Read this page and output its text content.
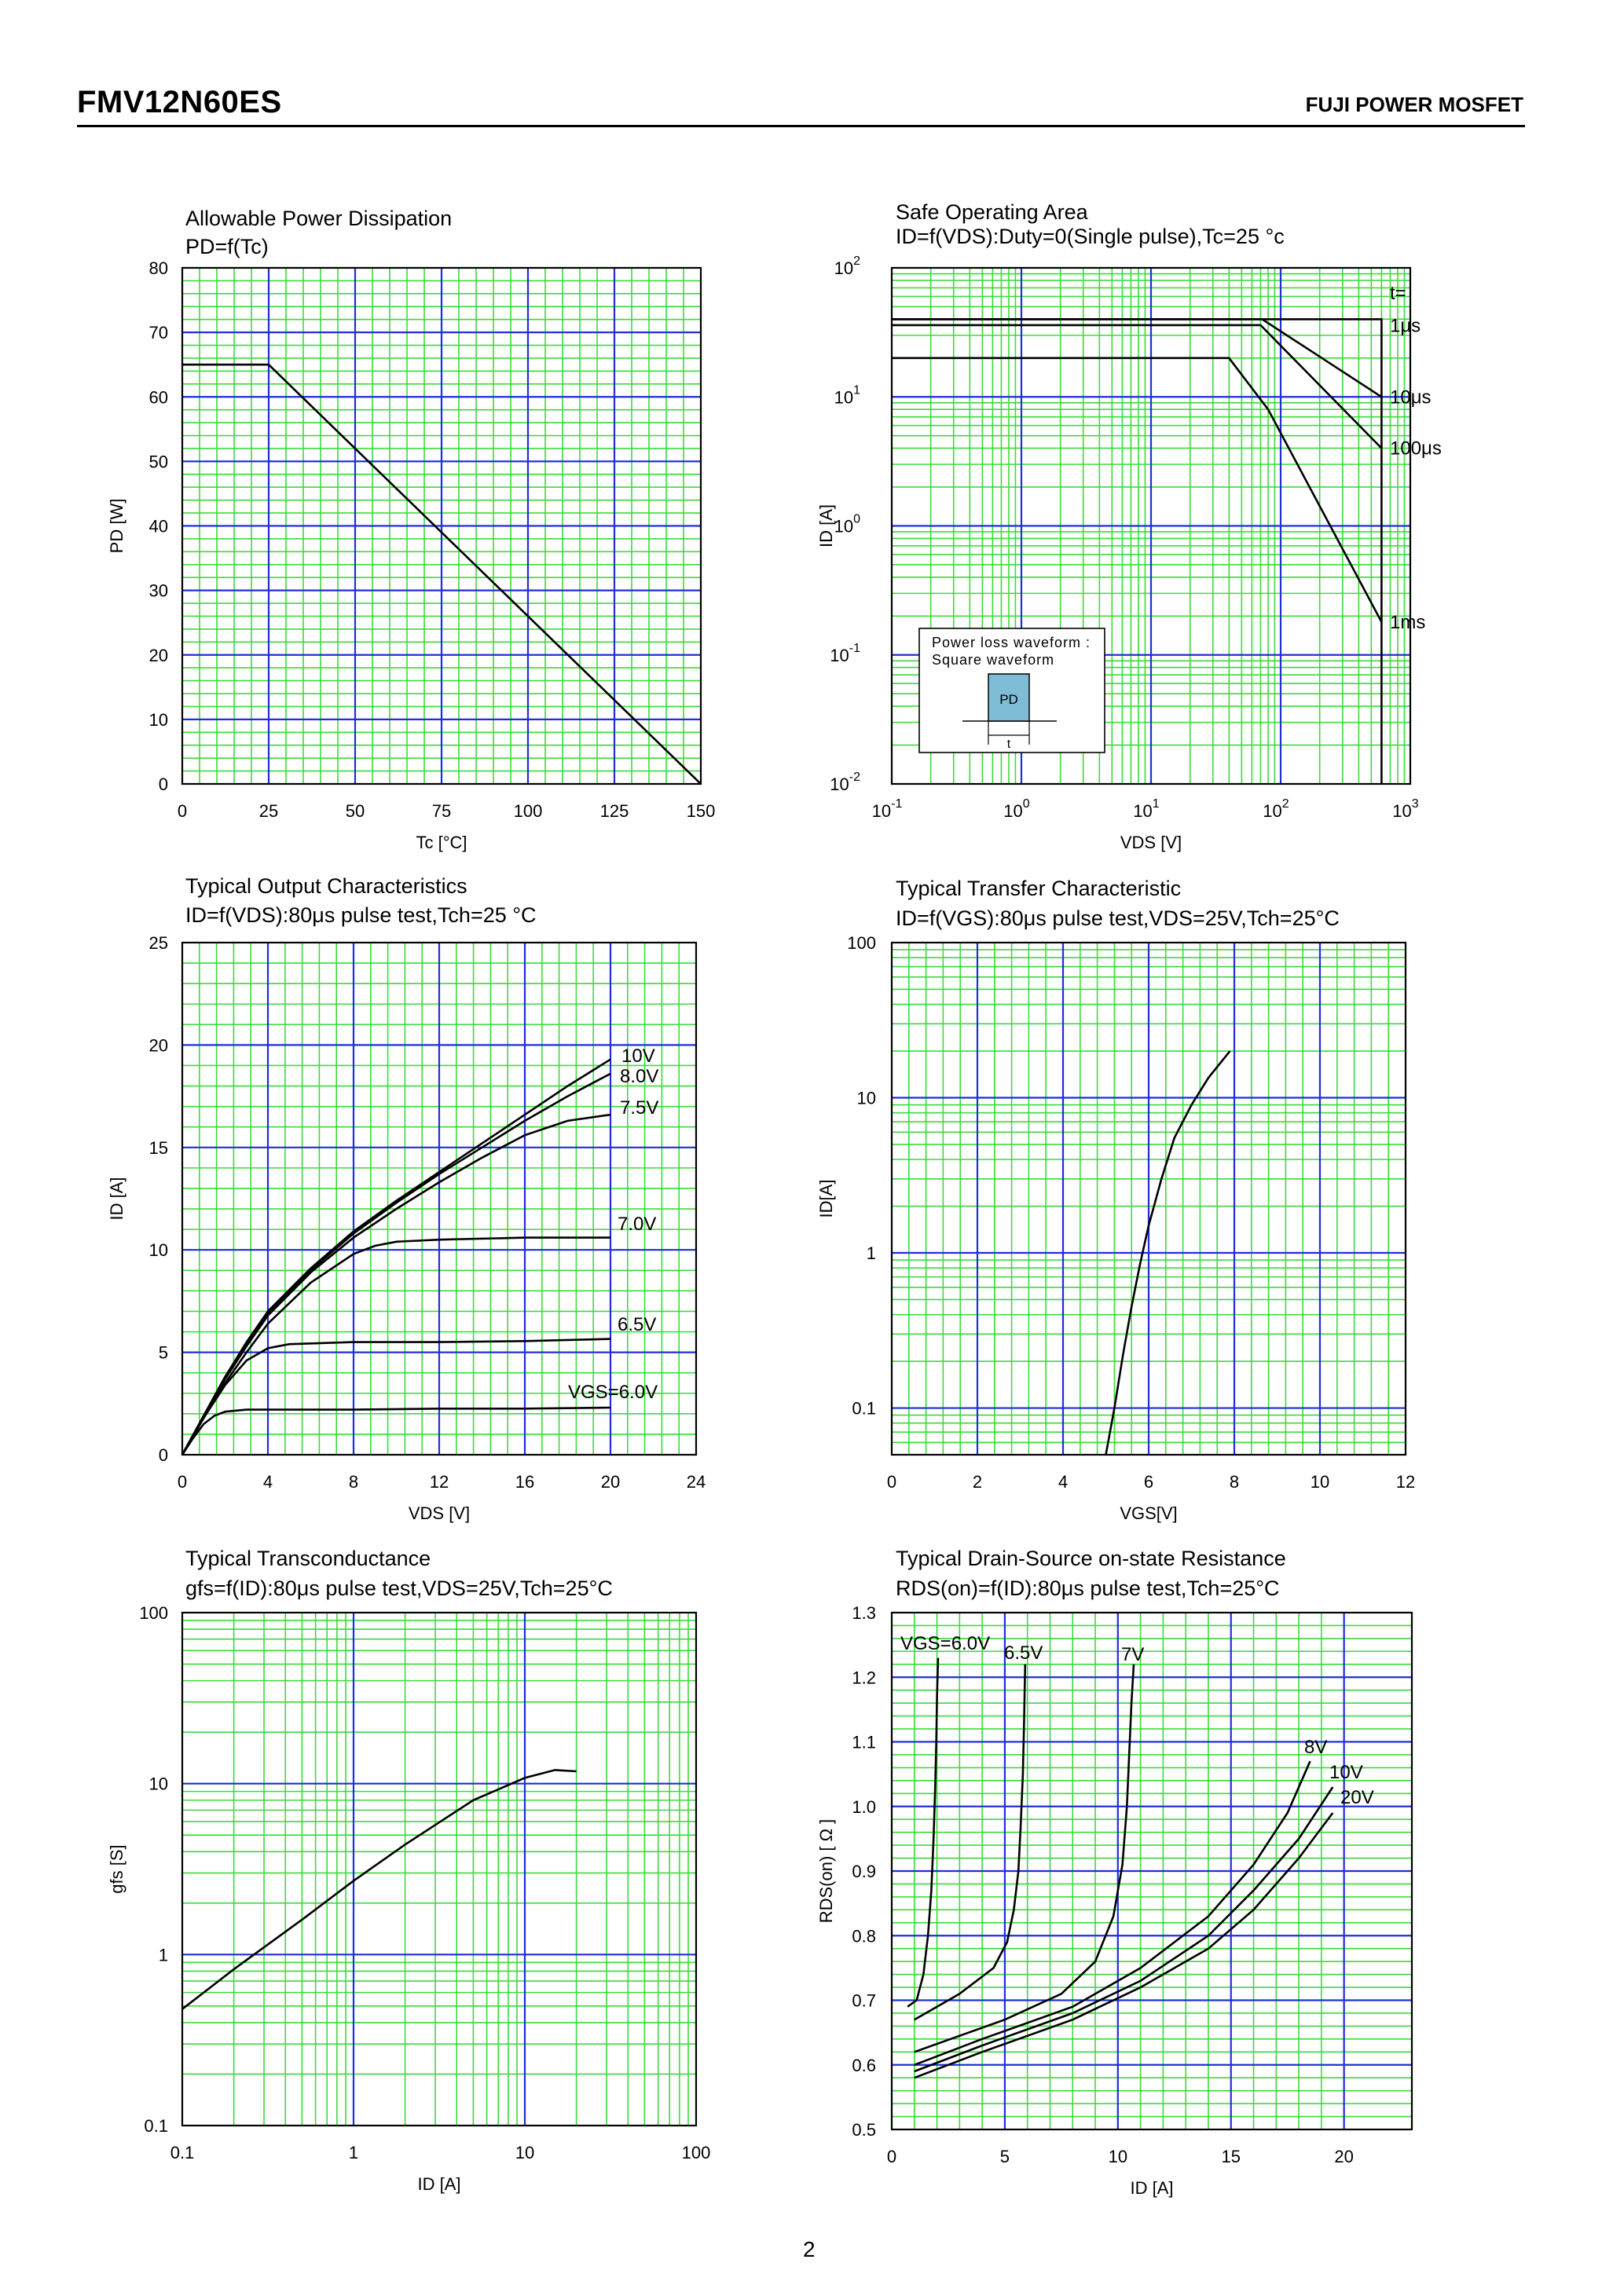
FMV12N60ES	FUJI POWER MOSFET
Allowable Power Dissipation
PD=f(Tc)
Tc [°C]
PD [W]
0	25	50	75	100	125	150
0
10
20
30
40
50
60
70
80
Safe Operating Area
ID=f(VDS):Duty=0(Single pulse),Tc=25 °c
VDS [V]
ID [A]
$10^{-1}$	$10^0$	$10^1$	$10^2$	$10^3$
$10^{-2}$
$10^{-1}$
$10^0$
$10^1$
$10^2$
t=
1μs
10μs
100μs
1ms
Power loss waveform :
Square waveform
PD
t
Typical Output Characteristics
ID=f(VDS):80μs pulse test,Tch=25 °C
VDS [V]
ID [A]
0	4	8	12	16	20	24
0
5
10
15
20
25
10V
8.0V
7.5V
7.0V
6.5V
VGS=6.0V
Typical Transfer Characteristic
ID=f(VGS):80μs pulse test,VDS=25V,Tch=25°C
VGS[V]
ID[A]
0	2	4	6	8	10	12
0.1
1
10
100
Typical Transconductance
gfs=f(ID):80μs pulse test,VDS=25V,Tch=25°C
ID [A]
gfs [S]
0.1	1	10	100
0.1
1
10
100
Typical Drain-Source on-state Resistance
RDS(on)=f(ID):80μs pulse test,Tch=25°C
ID [A]
RDS(on) [ Ω ]
0	5	10	15	20
0.5
0.6
0.7
0.8
0.9
1.0
1.1
1.2
1.3
VGS=6.0V 6.5V	7V
8V
10V
20V
2
